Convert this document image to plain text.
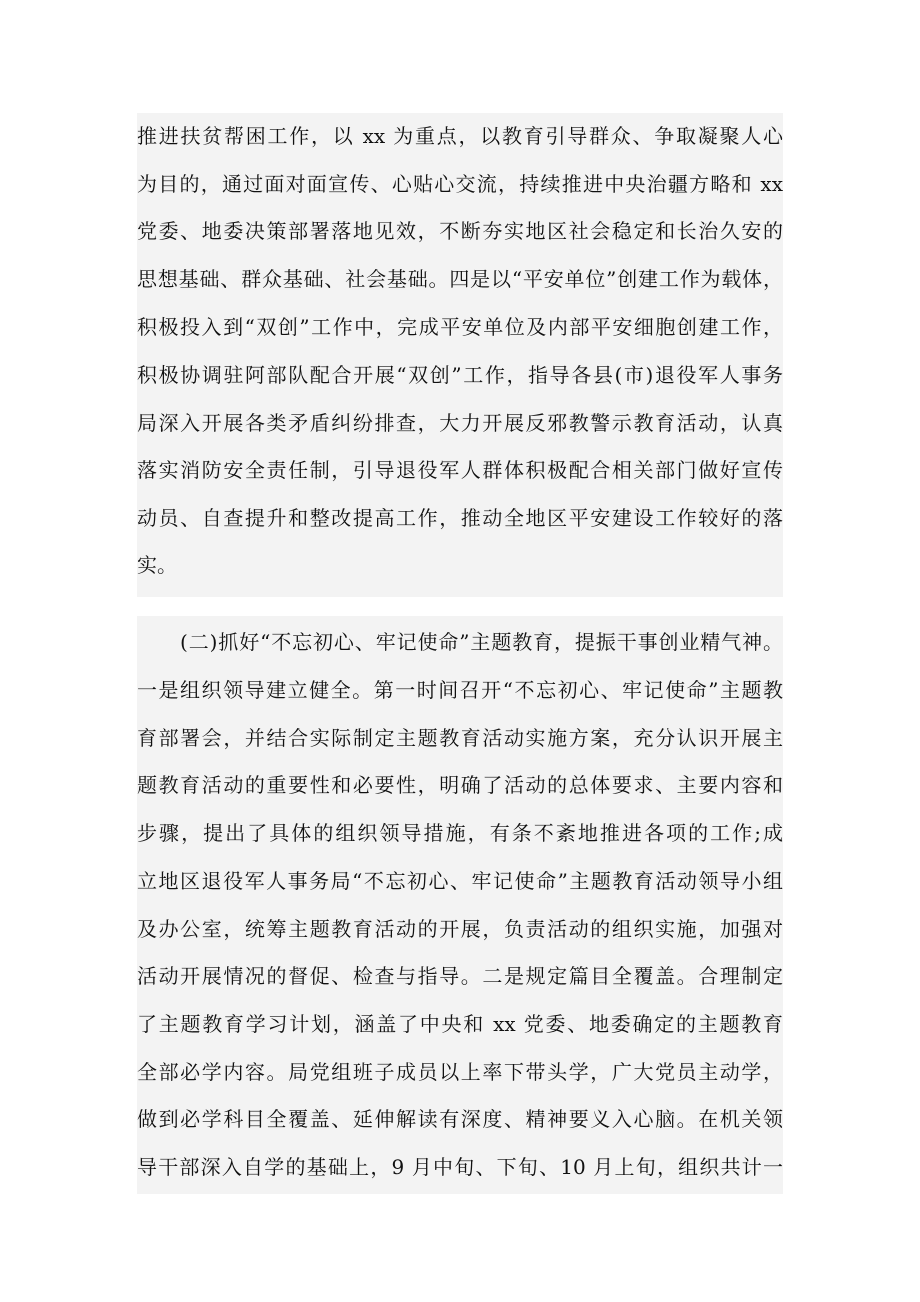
推进扶贫帮困工作，以 xx 为重点，以教育引导群众、争取凝聚人心
为目的，通过面对面宣传、心贴心交流，持续推进中央治疆方略和 xx
党委、地委决策部署落地见效，不断夯实地区社会稳定和长治久安的
思想基础、群众基础、社会基础。四是以“平安单位”创建工作为载体，
积极投入到“双创”工作中，完成平安单位及内部平安细胞创建工作，
积极协调驻阿部队配合开展“双创”工作，指导各县(市)退役军人事务
局深入开展各类矛盾纠纷排查，大力开展反邪教警示教育活动，认真
落实消防安全责任制，引导退役军人群体积极配合相关部门做好宣传
动员、自查提升和整改提高工作，推动全地区平安建设工作较好的落
实。
(二)抓好“不忘初心、牢记使命”主题教育，提振干事创业精气神。
一是组织领导建立健全。第一时间召开“不忘初心、牢记使命”主题教
育部署会，并结合实际制定主题教育活动实施方案，充分认识开展主
题教育活动的重要性和必要性，明确了活动的总体要求、主要内容和
步骤，提出了具体的组织领导措施，有条不紊地推进各项的工作;成
立地区退役军人事务局“不忘初心、牢记使命”主题教育活动领导小组
及办公室，统筹主题教育活动的开展，负责活动的组织实施，加强对
活动开展情况的督促、检查与指导。二是规定篇目全覆盖。合理制定
了主题教育学习计划，涵盖了中央和 xx 党委、地委确定的主题教育
全部必学内容。局党组班子成员以上率下带头学，广大党员主动学，
做到必学科目全覆盖、延伸解读有深度、精神要义入心脑。在机关领
导干部深入自学的基础上，9 月中旬、下旬、10 月上旬，组织共计一
